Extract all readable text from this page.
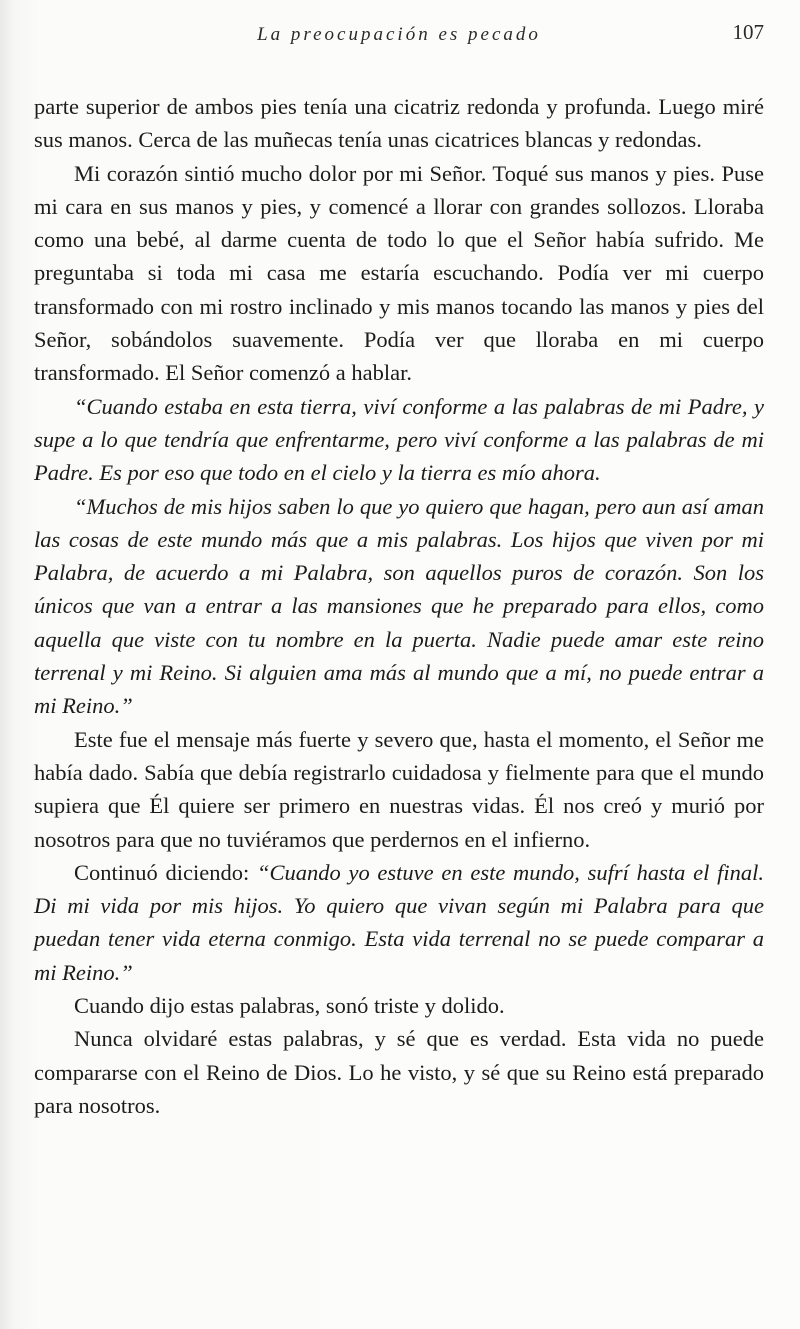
La preocupación es pecado	107

parte superior de ambos pies tenía una cicatriz redonda y profunda. Luego miré sus manos. Cerca de las muñecas tenía unas cicatrices blancas y redondas.

Mi corazón sintió mucho dolor por mi Señor. Toqué sus manos y pies. Puse mi cara en sus manos y pies, y comencé a llorar con grandes sollozos. Lloraba como una bebé, al darme cuenta de todo lo que el Señor había sufrido. Me preguntaba si toda mi casa me estaría escuchando. Podía ver mi cuerpo transformado con mi rostro inclinado y mis manos tocando las manos y pies del Señor, sobándolos suavemente. Podía ver que lloraba en mi cuerpo transformado. El Señor comenzó a hablar.

“Cuando estaba en esta tierra, viví conforme a las palabras de mi Padre, y supe a lo que tendría que enfrentarme, pero viví conforme a las palabras de mi Padre. Es por eso que todo en el cielo y la tierra es mío ahora.

“Muchos de mis hijos saben lo que yo quiero que hagan, pero aun así aman las cosas de este mundo más que a mis palabras. Los hijos que viven por mi Palabra, de acuerdo a mi Palabra, son aquellos puros de corazón. Son los únicos que van a entrar a las mansiones que he preparado para ellos, como aquella que viste con tu nombre en la puerta. Nadie puede amar este reino terrenal y mi Reino. Si alguien ama más al mundo que a mí, no puede entrar a mi Reino.”

Este fue el mensaje más fuerte y severo que, hasta el momento, el Señor me había dado. Sabía que debía registrarlo cuidadosa y fielmente para que el mundo supiera que Él quiere ser primero en nuestras vidas. Él nos creó y murió por nosotros para que no tuviéramos que perdernos en el infierno.

Continuó diciendo: “Cuando yo estuve en este mundo, sufrí hasta el final. Di mi vida por mis hijos. Yo quiero que vivan según mi Palabra para que puedan tener vida eterna conmigo. Esta vida terrenal no se puede comparar a mi Reino.”

Cuando dijo estas palabras, sonó triste y dolido.

Nunca olvidaré estas palabras, y sé que es verdad. Esta vida no puede compararse con el Reino de Dios. Lo he visto, y sé que su Reino está preparado para nosotros.
